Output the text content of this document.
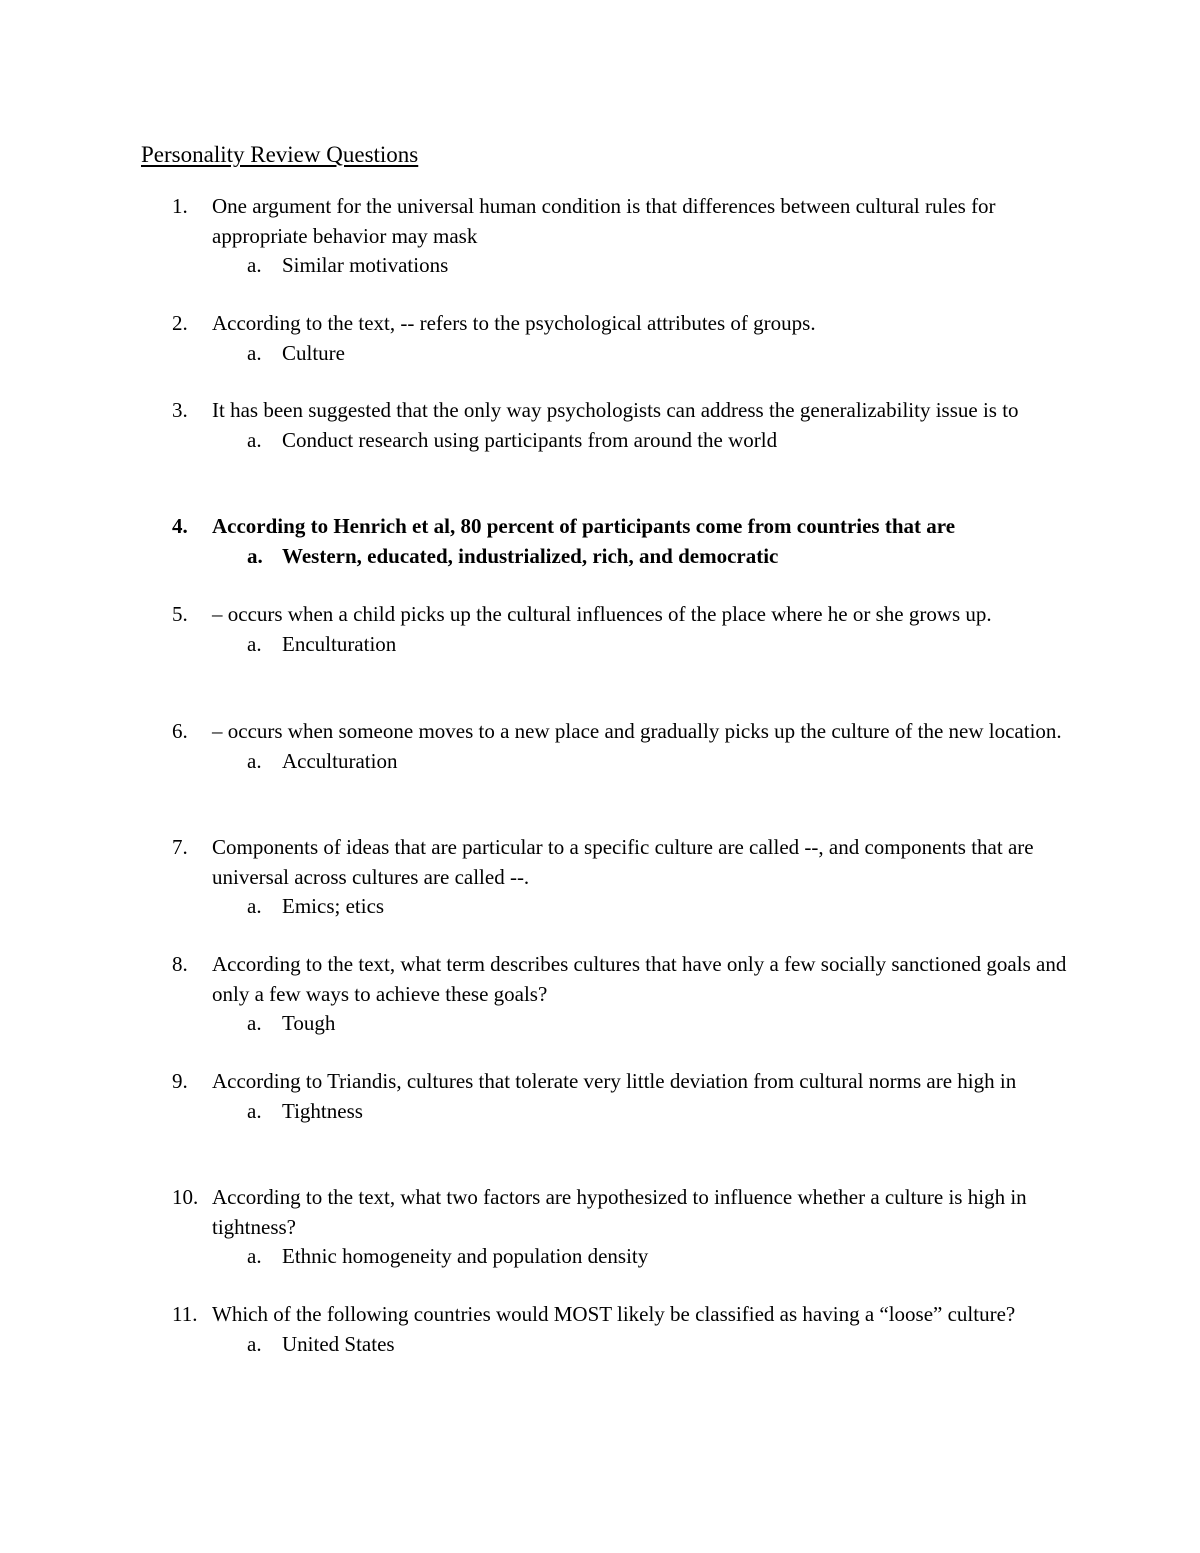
Personality Review Questions
1. One argument for the universal human condition is that differences between cultural rules for appropriate behavior may mask
a. Similar motivations
2. According to the text, -- refers to the psychological attributes of groups.
a. Culture
3. It has been suggested that the only way psychologists can address the generalizability issue is to
a. Conduct research using participants from around the world
4. According to Henrich et al, 80 percent of participants come from countries that are
a. Western, educated, industrialized, rich, and democratic
5. – occurs when a child picks up the cultural influences of the place where he or she grows up.
a. Enculturation
6. – occurs when someone moves to a new place and gradually picks up the culture of the new location.
a. Acculturation
7. Components of ideas that are particular to a specific culture are called --, and components that are universal across cultures are called --.
a. Emics; etics
8. According to the text, what term describes cultures that have only a few socially sanctioned goals and only a few ways to achieve these goals?
a. Tough
9. According to Triandis, cultures that tolerate very little deviation from cultural norms are high in
a. Tightness
10. According to the text, what two factors are hypothesized to influence whether a culture is high in tightness?
a. Ethnic homogeneity and population density
11. Which of the following countries would MOST likely be classified as having a “loose” culture?
a. United States
